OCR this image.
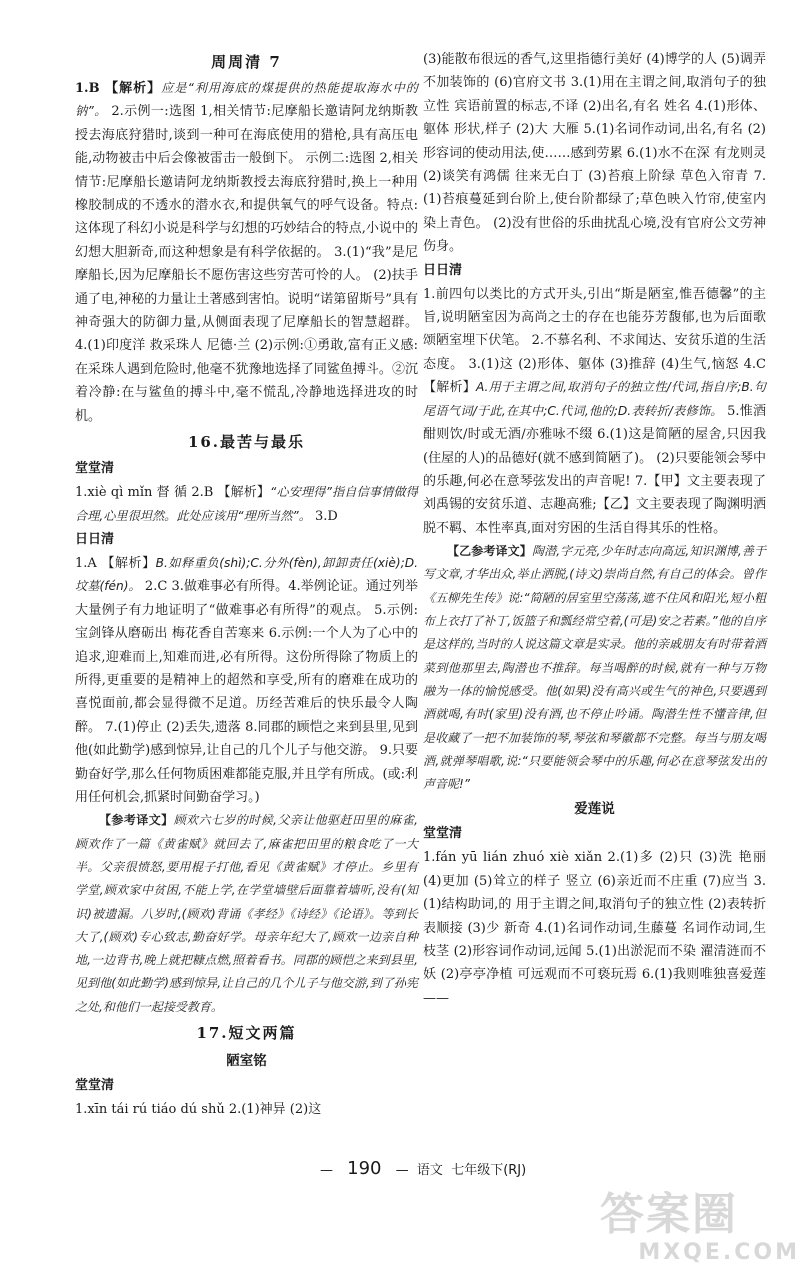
周周清 7

1.B 【解析】应是“利用海底的煤提供的热能提取海水中的钠”。 2.示例一:选图 1,相关情节:尼摩船长邀请阿龙纳斯教授去海底狩猎时,谈到一种可在海底使用的猎枪,具有高压电能,动物被击中后会像被雷击一般倒下。 示例二:选图 2,相关情节:尼摩船长邀请阿龙纳斯教授去海底狩猎时,换上一种用橡胶制成的不透水的潜水衣,和提供氧气的呼气设备。特点:这体现了科幻小说是科学与幻想的巧妙结合的特点,小说中的幻想大胆新奇,而这种想象是有科学依据的。 3.(1)“我”是尼摩船长,因为尼摩船长不愿伤害这些穷苦可怜的人。 (2)扶手通了电,神秘的力量让土著感到害怕。说明“诺第留斯号”具有神奇强大的防御力量,从侧面表现了尼摩船长的智慧超群。 4.(1)印度洋 救采珠人 尼德·兰 (2)示例:①勇敢,富有正义感:在采珠人遇到危险时,他毫不犹豫地选择了同鲨鱼搏斗。②沉着冷静:在与鲨鱼的搏斗中,毫不慌乱,冷静地选择进攻的时机。

16.最苦与最乐

堂堂清

1.xiè qì mǐn 督 循 2.B 【解析】“心安理得”指自信事情做得合理,心里很坦然。此处应该用“理所当然”。 3.D

日日清

1.A 【解析】B.如释重负(shì);C.分外(fèn),卸卸责任(xiè);D.坟墓(fén)。 2.C 3.做难事必有所得。4.举例论证。通过列举大量例子有力地证明了“做难事必有所得”的观点。 5.示例:宝剑锋从磨砺出 梅花香自苦寒来 6.示例:一个人为了心中的追求,迎难而上,知难而进,必有所得。这份所得除了物质上的所得,更重要的是精神上的超然和享受,所有的磨难在成功的喜悦面前,都会显得微不足道。历经苦难后的快乐最令人陶醉。 7.(1)停止 (2)丢失,遗落 8.同郡的顾恺之来到县里,见到他(如此勤学)感到惊异,让自己的几个儿子与他交游。 9.只要勤奋好学,那么任何物质困难都能克服,并且学有所成。(或:利用任何机会,抓紧时间勤奋学习。)

【参考译文】顾欢六七岁的时候,父亲让他驱赶田里的麻雀,顾欢作了一篇《黄雀赋》就回去了,麻雀把田里的粮食吃了一大半。父亲很愤怒,要用棍子打他,看见《黄雀赋》才停止。乡里有学堂,顾欢家中贫困,不能上学,在学堂墙壁后面靠着墙听,没有(知识)被遗漏。八岁时,(顾欢)背诵《孝经》《诗经》《论语》。等到长大了,(顾欢)专心致志,勤奋好学。母亲年纪大了,顾欢一边亲自种地,一边背书,晚上就把糠点燃,照着看书。同郡的顾恺之来到县里,见到他(如此勤学)感到惊异,让自己的几个儿子与他交游,到了孙宪之处,和他们一起接受教育。

17.短文两篇

陋室铭

堂堂清

1.xīn tái rú tiáo dú shǔ 2.(1)神异 (2)这

(3)能散布很远的香气,这里指德行美好 (4)博学的人 (5)调弄 不加装饰的 (6)官府文书 3.(1)用在主谓之间,取消句子的独立性 宾语前置的标志,不译 (2)出名,有名 姓名 4.(1)形体、躯体 形状,样子 (2)大 大雁 5.(1)名词作动词,出名,有名 (2)形容词的使动用法,使……感到劳累 6.(1)水不在深 有龙则灵 (2)谈笑有鸿儒 往来无白丁 (3)苔痕上阶绿 草色入帘青 7.(1)苔痕蔓延到台阶上,使台阶都绿了;草色映入竹帘,使室内染上青色。 (2)没有世俗的乐曲扰乱心境,没有官府公文劳神伤身。

日日清

1.前四句以类比的方式开头,引出“斯是陋室,惟吾德馨”的主旨,说明陋室因为高尚之士的存在也能芬芳馥郁,也为后面歌颂陋室埋下伏笔。 2.不慕名利、不求闻达、安贫乐道的生活态度。 3.(1)这 (2)形体、躯体 (3)推辞 (4)生气,恼怒 4.C 【解析】A.用于主谓之间,取消句子的独立性/代词,指自序;B.句尾语气词/于此,在其中;C.代词,他的;D.表转折/表修饰。 5.惟酒酣则饮/时或无酒/亦雅咏不缀 6.(1)这是简陋的屋舍,只因我(住屋的人)的品德好(就不感到简陋了)。 (2)只要能领会琴中的乐趣,何必在意琴弦发出的声音呢! 7.【甲】文主要表现了刘禹锡的安贫乐道、志趣高雅;【乙】文主要表现了陶渊明洒脱不羁、本性率真,面对穷困的生活自得其乐的性格。

【乙参考译文】陶潜,字元亮,少年时志向高远,知识渊博,善于写文章,才华出众,举止洒脱,(诗文)崇尚自然,有自己的体会。曾作《五柳先生传》说:“简陋的居室里空荡荡,遮不住风和阳光,短小粗布上衣打了补丁,饭篮子和瓢经常空着,(可是)安之若素。”他的自序是这样的,当时的人说这篇文章是实录。他的亲戚朋友有时带着酒菜到他那里去,陶潜也不推辞。每当喝醉的时候,就有一种与万物融为一体的愉悦感受。他(如果)没有高兴或生气的神色,只要遇到酒就喝,有时(家里)没有酒,也不停止吟诵。陶潜生性不懂音律,但是收藏了一把不加装饰的琴,琴弦和琴徽都不完整。每当与朋友喝酒,就弹琴唱歌,说:“只要能领会琴中的乐趣,何必在意琴弦发出的声音呢!”

爱莲说

堂堂清

1.fán yū lián zhuó xiè xiǎn 2.(1)多 (2)只 (3)洗 艳丽 (4)更加 (5)耸立的样子 竖立 (6)亲近而不庄重 (7)应当 3.(1)结构助词,的 用于主谓之间,取消句子的独立性 (2)表转折 表顺接 (3)少 新奇 4.(1)名词作动词,生藤蔓 名词作动词,生枝茎 (2)形容词作动词,远闻 5.(1)出淤泥而不染 濯清涟而不妖 (2)亭亭净植 可远观而不可亵玩焉 6.(1)我则唯独喜爱莲——

— 190 — 语文 七年级下(RJ)
答案圈
MXQE.COM
